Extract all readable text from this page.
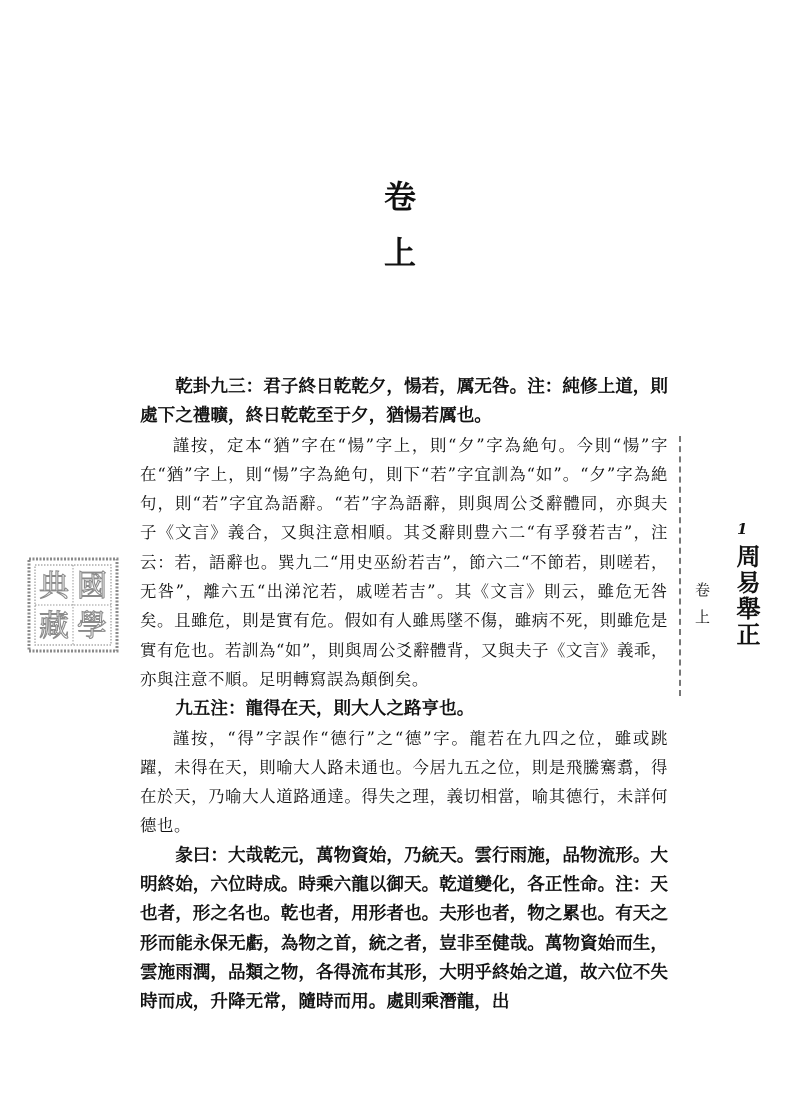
卷
上
國
學
典
藏

乾卦九三：君子終日乾乾夕，愓若，厲无咎。注：純修上道，則處下之禮曠，終日乾乾至于夕，猶愓若厲也。

謹按，定本“猶”字在“愓”字上，則“夕”字為絶句。今則“愓”字在“猶”字上，則“愓”字為絶句，則下“若”字宜訓為“如”。“夕”字為絶句，則“若”字宜為語辭。“若”字為語辭，則與周公爻辭體同，亦與夫子《文言》義合，又與注意相順。其爻辭則豊六二“有孚發若吉”，注云：若，語辭也。巽九二“用史巫紛若吉”，節六二“不節若，則嗟若，无咎”，離六五“出涕沱若，戚嗟若吉”。其《文言》則云，雖危无咎矣。且雖危，則是實有危。假如有人雖馬墜不傷，雖病不死，則雖危是實有危也。若訓為“如”，則與周公爻辭體背，又與夫子《文言》義乖，亦與注意不順。足明轉寫誤為顛倒矣。

九五注：龍得在天，則大人之路亨也。

謹按，“得”字誤作“德行”之“德”字。龍若在九四之位，雖或跳躍，未得在天，則喻大人路未通也。今居九五之位，則是飛騰騫翥，得在於天，乃喻大人道路通達。得失之理，義切相當，喻其德行，未詳何德也。

彖曰：大哉乾元，萬物資始，乃統天。雲行雨施，品物流形。大明終始，六位時成。時乘六龍以御天。乾道變化，各正性命。注：天也者，形之名也。乾也者，用形者也。夫形也者，物之累也。有天之形而能永保无虧，為物之首，統之者，豈非至健哉。萬物資始而生，雲施雨潤，品類之物，各得流布其形，大明乎終始之道，故六位不失時而成，升降无常，隨時而用。處則乘潛龍，出

1
周易舉正
卷上
